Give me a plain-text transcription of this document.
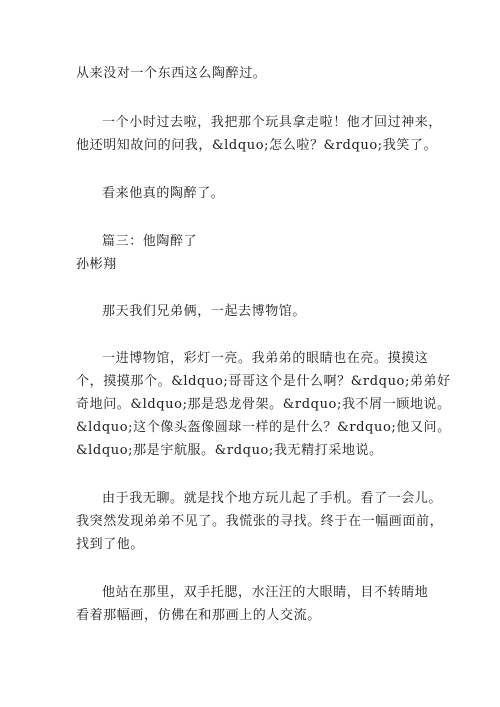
从来没对一个东西这么陶醉过。

一个小时过去啦，我把那个玩具拿走啦！他才回过神来，

他还明知故问的问我，&ldquo;怎么啦？&rdquo;我笑了。

看来他真的陶醉了。

篇三：他陶醉了

孙彬翔

那天我们兄弟俩，一起去博物馆。

一进博物馆，彩灯一亮。我弟弟的眼睛也在亮。摸摸这

个，摸摸那个。&ldquo;哥哥这个是什么啊？&rdquo;弟弟好

奇地问。&ldquo;那是恐龙骨架。&rdquo;我不屑一顾地说。

&ldquo;这个像头盔像圆球一样的是什么？&rdquo;他又问。

&ldquo;那是宇航服。&rdquo;我无精打采地说。

由于我无聊。就是找个地方玩儿起了手机。看了一会儿。

我突然发现弟弟不见了。我慌张的寻找。终于在一幅画面前，

找到了他。

他站在那里，双手托腮，水汪汪的大眼睛，目不转睛地

看着那幅画，仿佛在和那画上的人交流。
